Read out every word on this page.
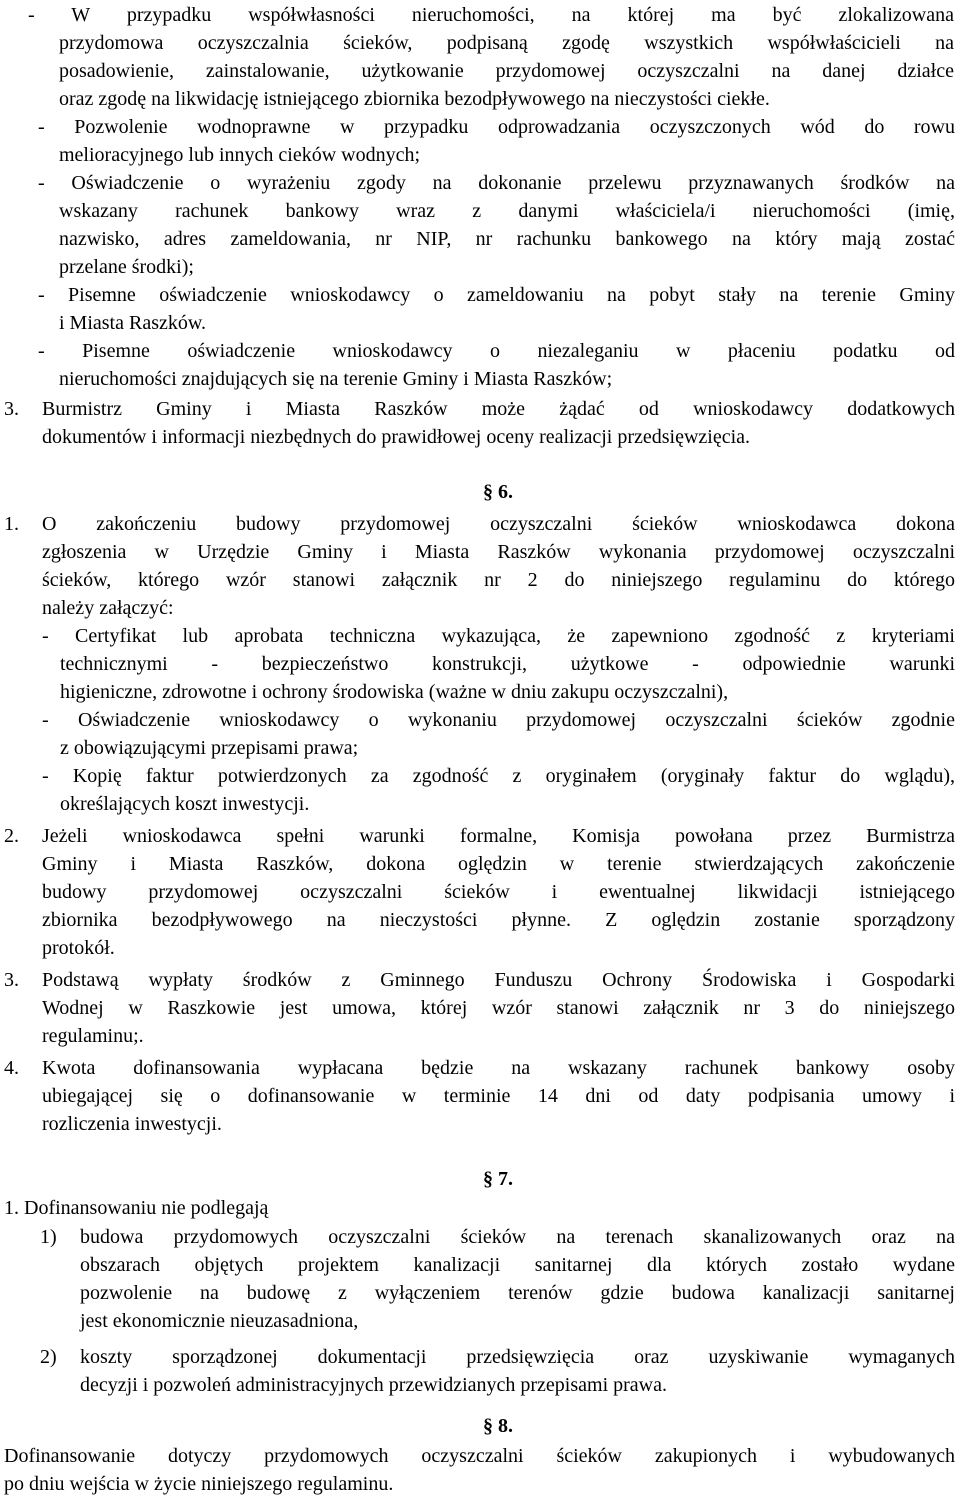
- W przypadku współwłasności nieruchomości, na której ma być zlokalizowana
przydomowa oczyszczalnia ścieków, podpisaną zgodę wszystkich współwłaścicieli na
posadowienie, zainstalowanie, użytkowanie przydomowej oczyszczalni na danej działce
oraz zgodę na likwidację istniejącego zbiornika bezodpływowego na nieczystości ciekłe.
- Pozwolenie wodnoprawne w przypadku odprowadzania oczyszczonych wód do rowu
melioracyjnego lub innych cieków wodnych;
- Oświadczenie o wyrażeniu zgody na dokonanie przelewu przyznawanych środków na
wskazany rachunek bankowy wraz z danymi właściciela/i nieruchomości (imię,
nazwisko, adres zameldowania, nr NIP, nr rachunku bankowego na który mają zostać
przelane środki);
- Pisemne oświadczenie wnioskodawcy o zameldowaniu na pobyt stały na terenie Gminy
i Miasta Raszków.
- Pisemne oświadczenie wnioskodawcy o niezaleganiu w płaceniu podatku od
nieruchomości znajdujących się na terenie Gminy i Miasta Raszków;
3.	Burmistrz Gminy i Miasta Raszków może żądać od wnioskodawcy dodatkowych
dokumentów i informacji niezbędnych do prawidłowej oceny realizacji przedsięwzięcia.
§ 6.
1.	O zakończeniu budowy przydomowej oczyszczalni ścieków wnioskodawca dokona
zgłoszenia w Urzędzie Gminy i Miasta Raszków wykonania przydomowej oczyszczalni
ścieków, którego wzór stanowi załącznik nr 2 do niniejszego regulaminu do którego
należy załączyć:
- Certyfikat lub aprobata techniczna wykazująca, że zapewniono zgodność z kryteriami
technicznymi - bezpieczeństwo konstrukcji, użytkowe - odpowiednie warunki
higieniczne, zdrowotne i ochrony środowiska (ważne w dniu zakupu oczyszczalni),
- Oświadczenie wnioskodawcy o wykonaniu przydomowej oczyszczalni ścieków zgodnie
z obowiązującymi przepisami prawa;
- Kopię faktur potwierdzonych za zgodność z oryginałem (oryginały faktur do wglądu),
określających koszt inwestycji.
2.	Jeżeli wnioskodawca spełni warunki formalne, Komisja powołana przez Burmistrza
Gminy i Miasta Raszków, dokona oględzin w terenie stwierdzających zakończenie
budowy przydomowej oczyszczalni ścieków i ewentualnej likwidacji istniejącego
zbiornika bezodpływowego na nieczystości płynne. Z oględzin zostanie sporządzony
protokół.
3.	Podstawą wypłaty środków z Gminnego Funduszu Ochrony Środowiska i Gospodarki
Wodnej w Raszkowie jest umowa, której wzór stanowi załącznik nr 3 do niniejszego
regulaminu;.
4.	Kwota dofinansowania wypłacana będzie na wskazany rachunek bankowy osoby
ubiegającej się o dofinansowanie w terminie 14 dni od daty podpisania umowy i
rozliczenia inwestycji.
§ 7.
1. Dofinansowaniu nie podlegają
1)	budowa przydomowych oczyszczalni ścieków na terenach skanalizowanych oraz na
obszarach objętych projektem kanalizacji sanitarnej dla których zostało wydane
pozwolenie na budowę z wyłączeniem terenów gdzie budowa kanalizacji sanitarnej
jest ekonomicznie nieuzasadniona,
2)	koszty sporządzonej dokumentacji przedsięwzięcia oraz uzyskiwanie wymaganych
decyzji i pozwoleń administracyjnych przewidzianych przepisami prawa.
§ 8.
Dofinansowanie dotyczy przydomowych oczyszczalni ścieków zakupionych i wybudowanych
po dniu wejścia w życie niniejszego regulaminu.
